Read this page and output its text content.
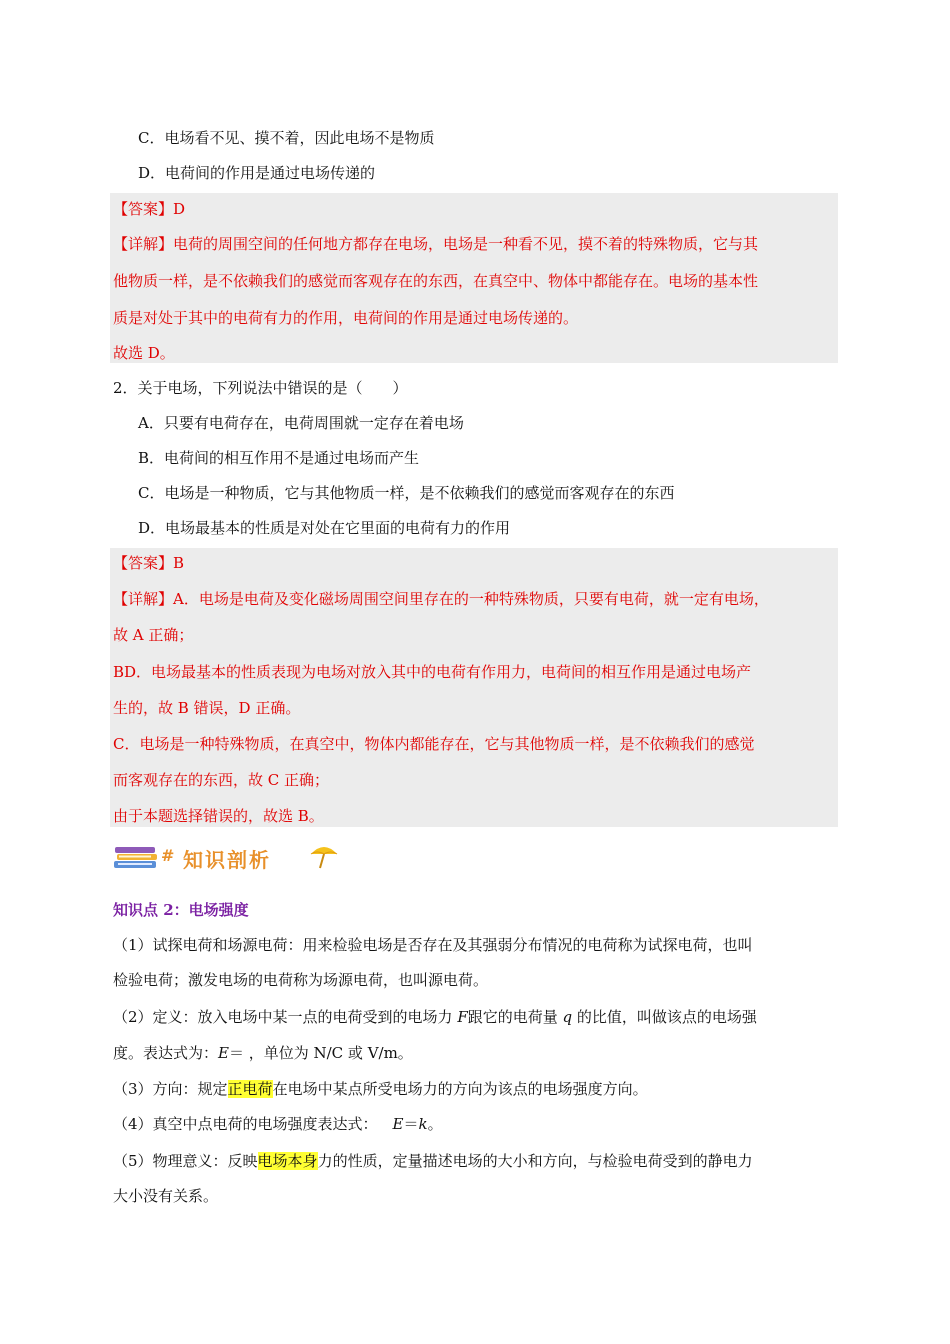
C．电场看不见、摸不着，因此电场不是物质
D．电荷间的作用是通过电场传递的
【答案】D
【详解】电荷的周围空间的任何地方都存在电场，电场是一种看不见，摸不着的特殊物质，它与其
他物质一样，是不依赖我们的感觉而客观存在的东西，在真空中、物体中都能存在。电场的基本性
质是对处于其中的电荷有力的作用，电荷间的作用是通过电场传递的。
故选 D。
2．关于电场，下列说法中错误的是（　　）
A．只要有电荷存在，电荷周围就一定存在着电场
B．电荷间的相互作用不是通过电场而产生
C．电场是一种物质，它与其他物质一样，是不依赖我们的感觉而客观存在的东西
D．电场最基本的性质是对处在它里面的电荷有力的作用
【答案】B
【详解】A．电场是电荷及变化磁场周围空间里存在的一种特殊物质，只要有电荷，就一定有电场，
故 A 正确；
BD．电场最基本的性质表现为电场对放入其中的电荷有作用力，电荷间的相互作用是通过电场产
生的，故 B 错误，D 正确。
C．电场是一种特殊物质，在真空中，物体内都能存在，它与其他物质一样，是不依赖我们的感觉
而客观存在的东西，故 C 正确；
由于本题选择错误的，故选 B。
# 知识剖析
知识点 2：电场强度
（1）试探电荷和场源电荷：用来检验电场是否存在及其强弱分布情况的电荷称为试探电荷，也叫
检验电荷；激发电场的电荷称为场源电荷，也叫源电荷。
（2）定义：放入电场中某一点的电荷受到的电场力 F跟它的电荷量 q 的比值，叫做该点的电场强
度。表达式为：E＝ ，单位为 N/C 或 V/m。
（3）方向：规定正电荷在电场中某点所受电场力的方向为该点的电场强度方向。
（4）真空中点电荷的电场强度表达式：  E＝k。
（5）物理意义：反映电场本身力的性质，定量描述电场的大小和方向，与检验电荷受到的静电力
大小没有关系。
